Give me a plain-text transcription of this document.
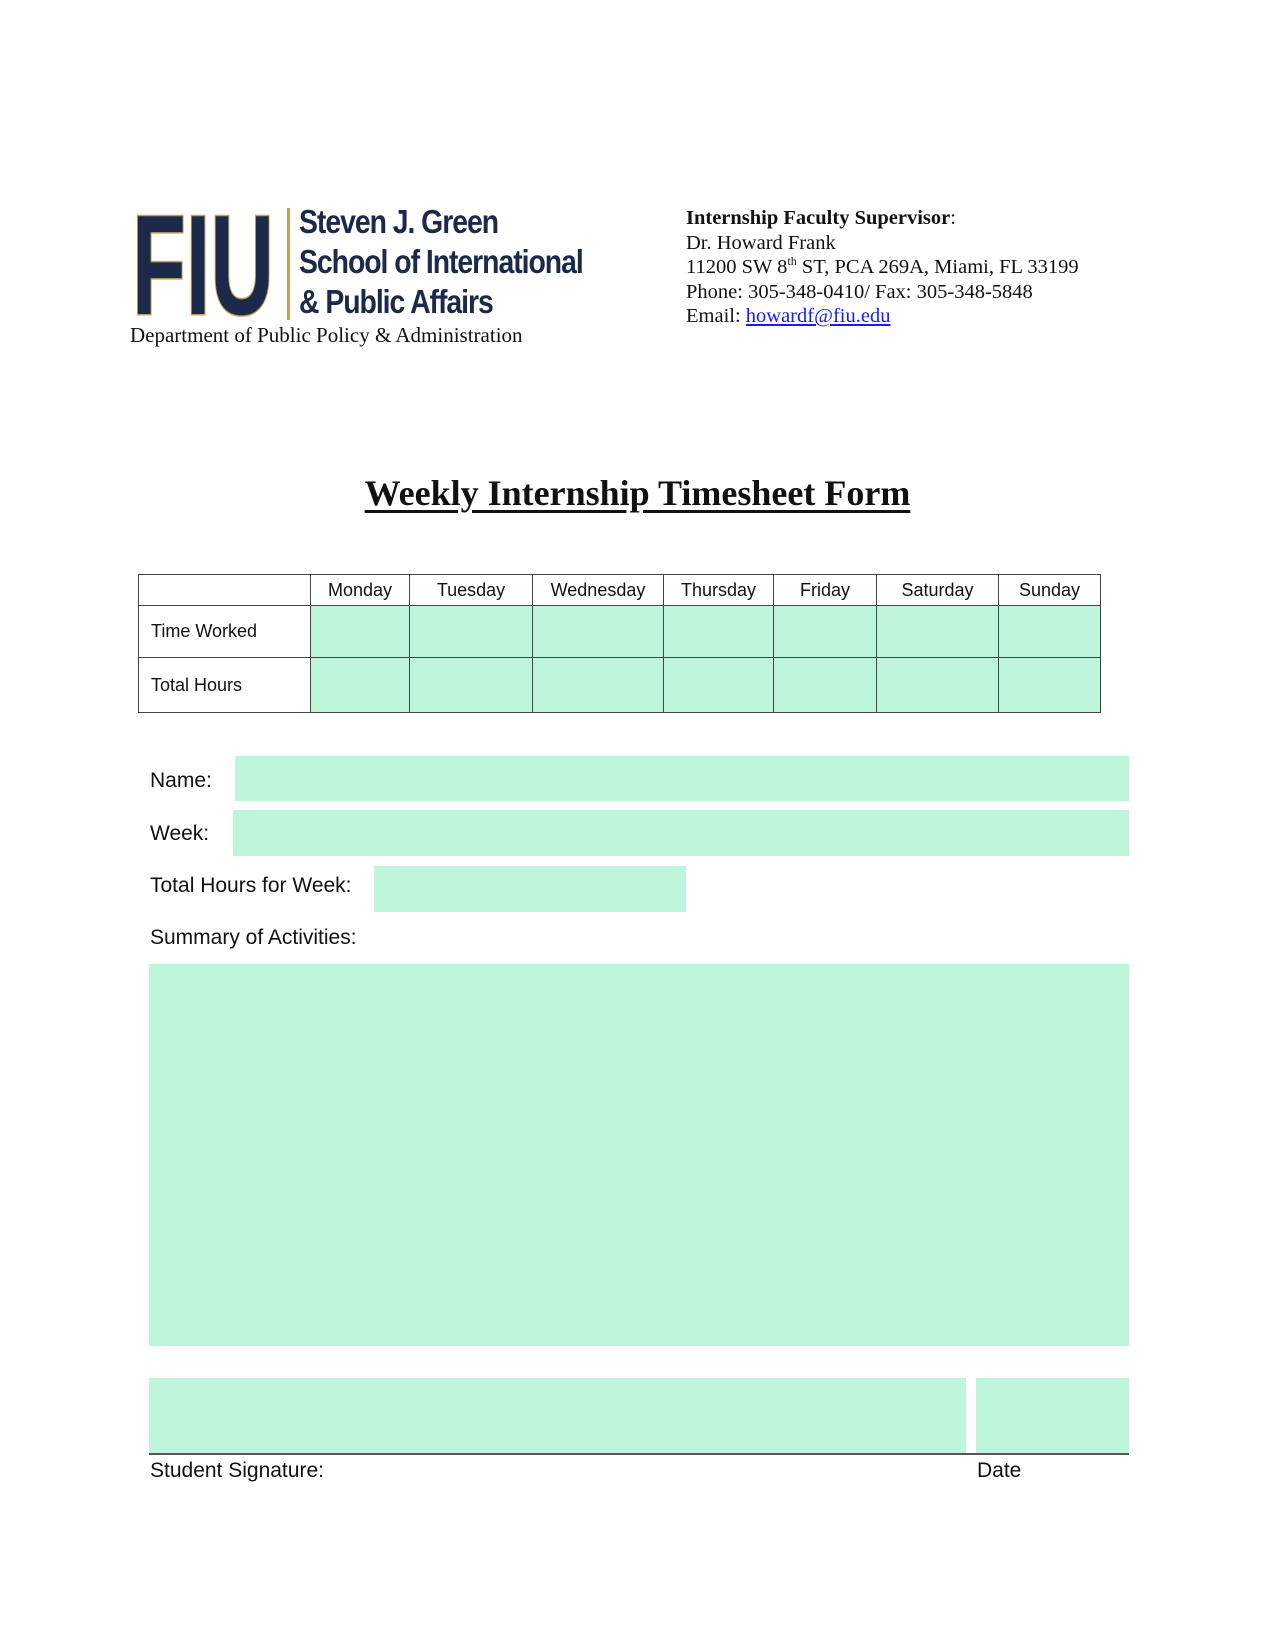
FIU Steven J. Green
School of International
& Public Affairs
Department of Public Policy & Administration
Internship Faculty Supervisor:
Dr. Howard Frank
11200 SW 8th ST, PCA 269A, Miami, FL 33199
Phone: 305-348-0410/ Fax: 305-348-5848
Email: howardf@fiu.edu
Weekly Internship Timesheet Form
	Monday	Tuesday	Wednesday	Thursday	Friday	Saturday	Sunday
Time Worked							
Total Hours							
Name:
Week:
Total Hours for Week:
Summary of Activities:
Student Signature:	Date
